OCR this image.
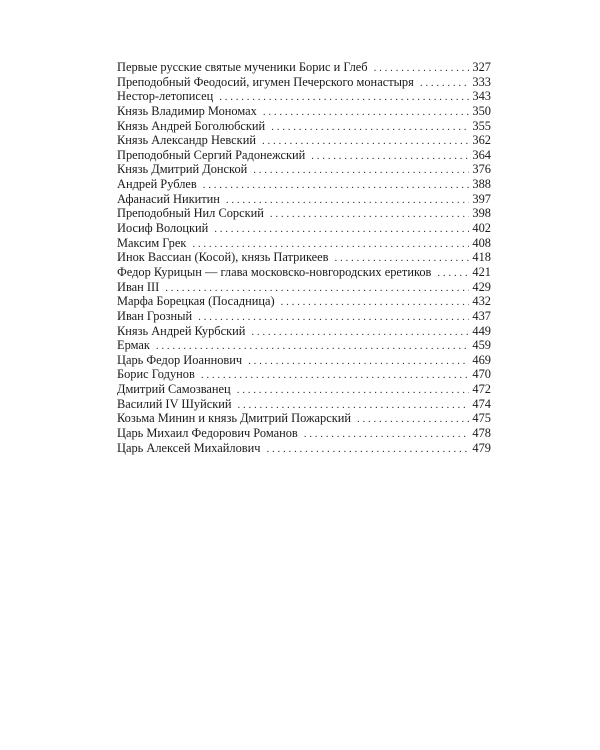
Первые русские святые мученики Борис и Глеб . . .	327
Преподобный Феодосий, игумен Печерского монастыря . . .	333
Нестор-летописец . . .	343
Князь Владимир Мономах . . .	350
Князь Андрей Боголюбский . . .	355
Князь Александр Невский . . .	362
Преподобный Сергий Радонежский . . .	364
Князь Дмитрий Донской . . .	376
Андрей Рублев . . .	388
Афанасий Никитин . . .	397
Преподобный Нил Сорский . . .	398
Иосиф Волоцкий . . .	402
Максим Грек . . .	408
Инок Вассиан (Косой), князь Патрикеев . . .	418
Федор Курицын — глава московско-новгородских еретиков . . .	421
Иван III . . .	429
Марфа Борецкая (Посадница) . . .	432
Иван Грозный . . .	437
Князь Андрей Курбский . . .	449
Ермак . . .	459
Царь Федор Иоаннович . . .	469
Борис Годунов . . .	470
Дмитрий Самозванец . . .	472
Василий IV Шуйский . . .	474
Козьма Минин и князь Дмитрий Пожарский . . .	475
Царь Михаил Федорович Романов . . .	478
Царь Алексей Михайлович . . .	479
